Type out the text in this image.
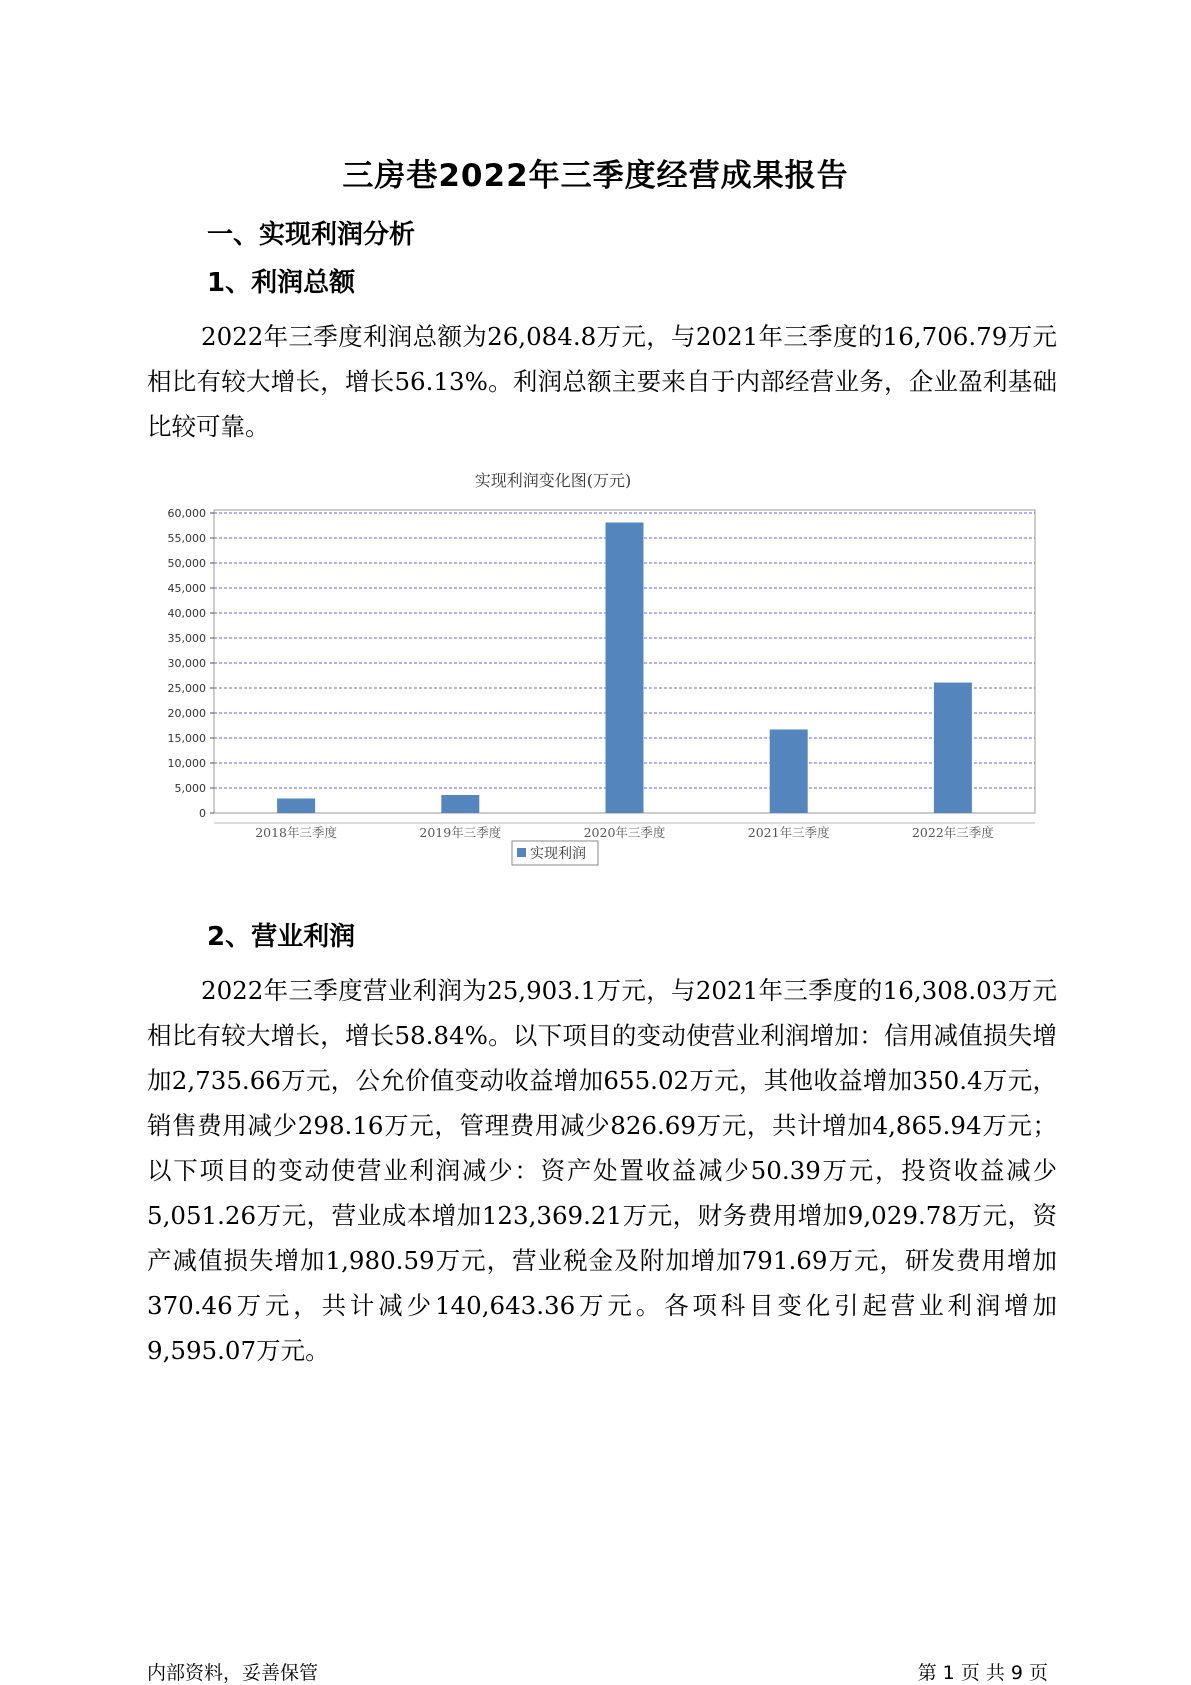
三房巷2022年三季度经营成果报告
一、实现利润分析
1、利润总额

2022年三季度利润总额为26,084.8万元，与2021年三季度的16,706.79万元相比有较大增长，增长56.13%。利润总额主要来自于内部经营业务，企业盈利基础比较可靠。

实现利润变化图(万元)
0
5,000
10,000
15,000
20,000
25,000
30,000
35,000
40,000
45,000
50,000
55,000
60,000
2018年三季度	2019年三季度	2020年三季度	2021年三季度	2022年三季度
实现利润
2、营业利润

2022年三季度营业利润为25,903.1万元，与2021年三季度的16,308.03万元相比有较大增长，增长58.84%。以下项目的变动使营业利润增加：信用减值损失增加2,735.66万元，公允价值变动收益增加655.02万元，其他收益增加350.4万元，销售费用减少298.16万元，管理费用减少826.69万元，共计增加4,865.94万元；以下项目的变动使营业利润减少：资产处置收益减少50.39万元，投资收益减少5,051.26万元，营业成本增加123,369.21万元，财务费用增加9,029.78万元，资产减值损失增加1,980.59万元，营业税金及附加增加791.69万元，研发费用增加370.46万元，共计减少140,643.36万元。各项科目变化引起营业利润增加9,595.07万元。

内部资料，妥善保管	第 1 页 共 9 页
